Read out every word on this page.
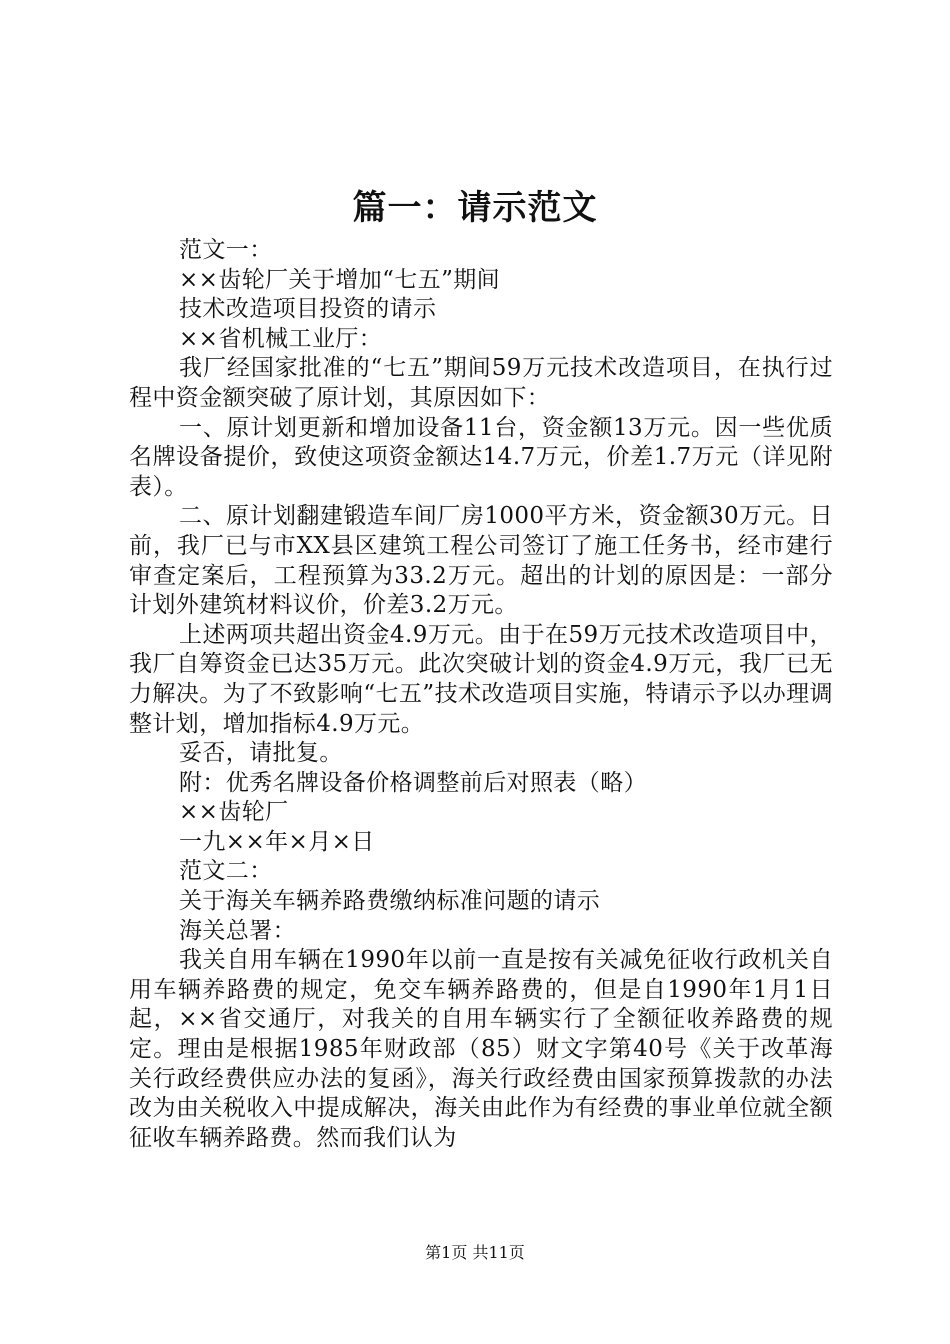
篇一：请示范文

范文一：

××齿轮厂关于增加“七五”期间

技术改造项目投资的请示

××省机械工业厅：

我厂经国家批准的“七五”期间59万元技术改造项目，在执行过程中资金额突破了原计划，其原因如下：

一、原计划更新和增加设备11台，资金额13万元。因一些优质名牌设备提价，致使这项资金额达14.7万元，价差1.7万元（详见附表）。

二、原计划翻建锻造车间厂房1000平方米，资金额30万元。日前，我厂已与市XX县区建筑工程公司签订了施工任务书，经市建行审查定案后，工程预算为33.2万元。超出的计划的原因是：一部分计划外建筑材料议价，价差3.2万元。

上述两项共超出资金4.9万元。由于在59万元技术改造项目中，我厂自筹资金已达35万元。此次突破计划的资金4.9万元，我厂已无力解决。为了不致影响“七五”技术改造项目实施，特请示予以办理调整计划，增加指标4.9万元。

妥否，请批复。

附：优秀名牌设备价格调整前后对照表（略）

××齿轮厂

一九××年×月×日

范文二：

关于海关车辆养路费缴纳标准问题的请示

海关总署：

我关自用车辆在1990年以前一直是按有关减免征收行政机关自用车辆养路费的规定，免交车辆养路费的，但是自1990年1月1日起，××省交通厅，对我关的自用车辆实行了全额征收养路费的规定。理由是根据1985年财政部（85）财文字第40号《关于改革海关行政经费供应办法的复函》，海关行政经费由国家预算拨款的办法改为由关税收入中提成解决，海关由此作为有经费的事业单位就全额征收车辆养路费。然而我们认为

第1页 共11页
